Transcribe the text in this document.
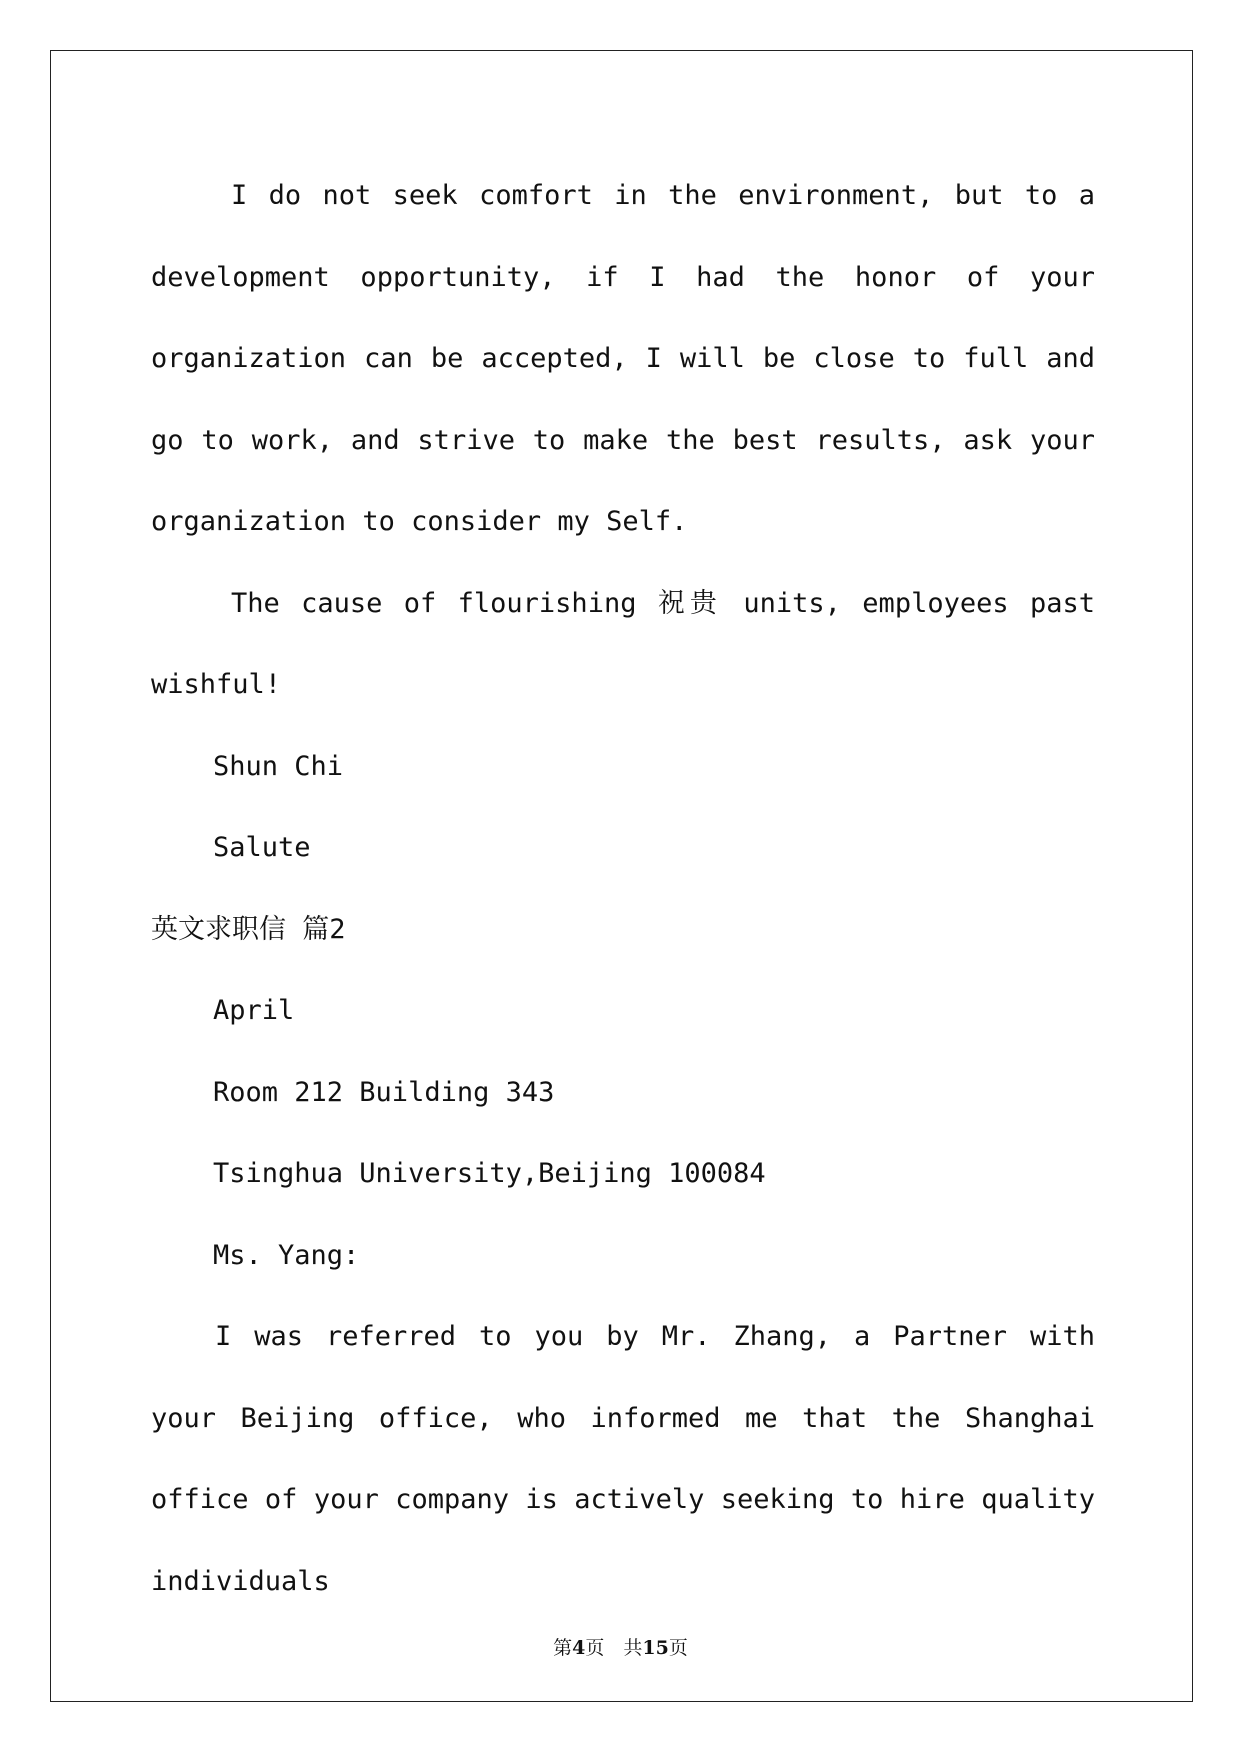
I do not seek comfort in the environment, but to a development opportunity, if I had the honor of your organization can be accepted, I will be close to full and go to work, and strive to make the best results, ask your organization to consider my Self.

The cause of flourishing 祝贵 units, employees past wishful!

Shun Chi

Salute

英文求职信 篇2

April

Room 212 Building 343

Tsinghua University,Beijing 100084

Ms. Yang:

I was referred to you by Mr. Zhang, a Partner with your Beijing office, who informed me that the Shanghai office of your company is actively seeking to hire quality individuals

第4页　共15页
